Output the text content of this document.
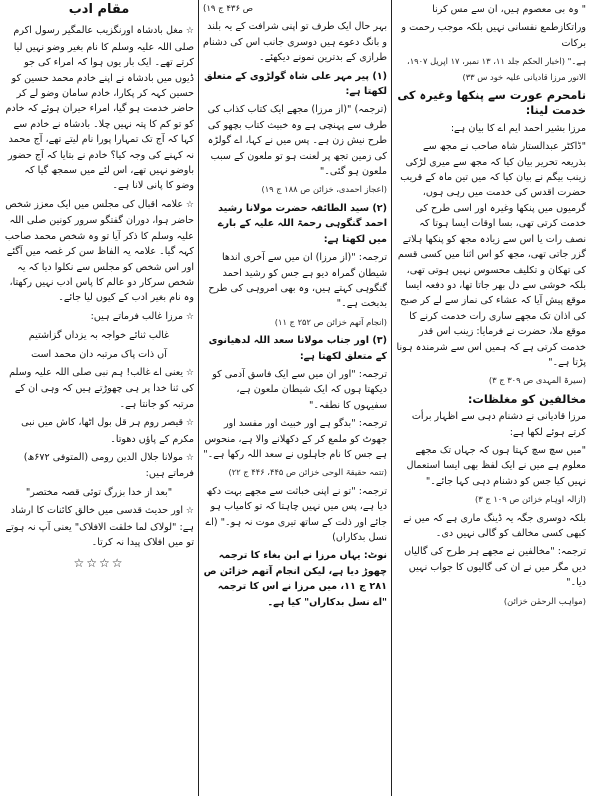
" وہ بی معصوم ہیں، ان سے مس کرنا
وراتکازطمع نفسانی نہیں بلکہ موجب رحمت و برکات
ہے۔" (اخبار الحکم جلد ۱۱، ۱۳ نمبر، ۱۷ اپریل ۱۹۰۷، الانور مرزا قادیانی علیہ خود س ۳۳)
نامحرم عورت سے پنکھا وغیرہ کی خدمت لینا:
مرزا بشیر احمد ایم اے کا بیان ہے:
"ڈاکٹر عبدالستار شاہ صاحب نے مجھ سے بذریعہ تحریر بیان کیا کہ مجھ سے میری لڑکی زینب بیگم نے بیان کیا کہ میں تین ماہ کے قریب حضرت اقدس کی خدمت میں رہی ہوں، گرمیوں میں پنکھا وغیرہ اور اسی طرح کی خدمت کرتی تھی، بسا اوقات ایسا ہوتا کہ نصف رات یا اس سے زیادہ مجھ کو پنکھا ہلاتے گزر جاتی تھی، مجھ کو اس اثنا میں کسی قسم کی تھکان و تکلیف محسوس نہیں ہوتی تھی، بلکہ خوشی سے دل بھر جاتا تھا، دو دفعہ ایسا موقع پیش آیا کہ عشاء کی نماز سے لے کر صبح کی اذان تک مجھے ساری رات خدمت کرنے کا موقع ملا، حضرت نے فرمایا: زینب اس قدر خدمت کرتی ہے کہ ہمیں اس سے شرمندہ ہونا پڑتا ہے۔"
(سیرۃ المہدی ص ۳۰۹ ج ۳)
مخالفین کو مغلظات:
مرزا قادیانی نے دشنام دہی سے اظہار برأت کرتے ہوئے لکھا ہے:
"میں سچ سچ کہتا ہوں کہ جہاں تک مجھے معلوم ہے میں نے ایک لفظ بھی ایسا استعمال نہیں کیا جس کو دشنام دہی کہا جائے۔"
(ازالہ اوہام خزائن ص ۱۰۹ ج ۳)
بلکہ دوسری جگہ یہ ڈینگ ماری ہے کہ میں نے کبھی کسی مخالف کو گالی نہیں دی۔
ترجمہ: "مخالفین نے مجھے ہر طرح کی گالیاں دیں مگر میں نے ان کی گالیوں کا جواب نہیں دیا۔"
(مواہب الرحمٰن خزائن)
ص ۴۳۶ ج ۱۹)
بہر حال ایک طرف تو اپنی شرافت کے یہ بلند و بانگ دعوے ہیں دوسری جانب اس کی دشنام طرازی کے بدترین نمونے دیکھئے۔
(۱) پیر مہر علی شاہ گولڑوی کے متعلق لکھتا ہے:
(ترجمہ) "(از مرزا) مجھے ایک کتاب کذاب کی طرف سے پہنچی ہے وہ خبیث کتاب بچھو کی طرح نیش زن ہے۔ پس میں نے کہا، اے گولڑہ کی زمین تجھ پر لعنت ہو تو ملعون کے سبب ملعون ہو گئی۔"
(اعجاز احمدی، خزائن ص ۱۸۸ ج ۱۹)
(۲) سید الطائفہ حضرت مولانا رشید احمد گنگوہی رحمۃ اللہ علیہ کے بارے میں لکھتا ہے:
ترجمہ: "(از مرزا) ان میں سے آخری اندھا شیطان گمراہ دیو ہے جس کو رشید احمد گنگوہی کہتے ہیں، وہ بھی امروہی کی طرح بدبخت ہے۔"
(انجام آتھم خزائن ص ۲۵۲ ج ۱۱)
(۳) اور جناب مولانا سعد اللہ لدھیانوی کے متعلق لکھتا ہے:
ترجمہ: "اور ان میں سے ایک فاسق آدمی کو دیکھتا ہوں کہ ایک شیطان ملعون ہے، سفیہوں کا نطفہ۔"
ترجمہ: "بدگو ہے اور خبیث اور مفسد اور جھوٹ کو ملمع کر کے دکھلانے والا ہے، منحوس ہے جس کا نام جاہلوں نے سعد اللہ رکھا ہے۔"
(تتمہ حقیقۃ الوحی خزائن ص ۴۴۵، ۴۴۶ ج ۲۲)
ترجمہ: "تو نے اپنی خباثت سے مجھے بہت دکھ دیا ہے، پس میں نہیں چاہتا کہ تو کامیاب ہو جائے اور ذلت کے ساتھ تیری موت نہ ہو۔" (اے نسل بدکاراں)
نوٹ: یہاں مرزا نے ابن بغاء کا ترجمہ چھوڑ دیا ہے، لیکن انجام آتھم خزائن ص ۲۸۱ ج ۱۱، میں مرزا نے اس کا ترجمہ "اے نسل بدکاراں" کیا ہے۔
مقام ادب
☆ مغل بادشاہ اورنگزیب عالمگیر رسول اکرم صلی اللہ علیہ وسلم کا نام بغیر وضو نہیں لیا کرتے تھے۔ ایک بار یوں ہوا کہ امراء کی جو ڈیوں میں بادشاہ نے اپنے خادم محمد حسین کو حسین کہہ کر پکارا، خادم سامان وضو لے کر حاضر خدمت ہو گیا، امراء حیران ہوئے کہ خادم کو تو کم کا پتہ نہیں چلا۔ بادشاہ نے خادم سے کہا کہ آج تک تمہارا پورا نام لیتے تھے، آج محمد نہ کہنے کی وجہ کیا؟ خادم نے بتایا کہ آج حضور باوضو نہیں تھے، اس لئے میں سمجھ گیا کہ وضو کا پانی لانا ہے۔
☆ علامہ اقبال کی مجلس میں ایک معزز شخص حاضر ہوا، دوران گفتگو سرور کونین صلی اللہ علیہ وسلم کا ذکر آیا تو وہ شخص محمد صاحب کہہ گیا۔ علامہ یہ الفاظ سن کر غصہ میں آگئے اور اس شخص کو مجلس سے نکلوا دیا کہ یہ شخص سرکار دو عالم کا پاس ادب نہیں رکھتا، وہ نام بغیر ادب کے کیوں لیا جائے۔
☆ مرزا غالب فرماتے ہیں:
غالب ثنائے خواجہ بہ یزداں گزاشتیم
آں ذات پاک مرتبہ دان محمد است
☆ یعنی اے غالب! ہم نبی صلی اللہ علیہ وسلم کی ثنا خدا پر ہی چھوڑتے ہیں کہ وہی ان کے مرتبہ کو جانتا ہے۔
☆ قیصر روم ہر قل بول اٹھا، کاش میں نبی مکرم کے پاؤں دھوتا۔
☆ مولانا جلال الدین رومی (المتوفی ۶۷۲ھ) فرماتے ہیں:
"بعد از خدا بزرگ توئی قصہ مختصر"
☆ اور حدیث قدسی میں خالق کائنات کا ارشاد ہے: "لولاک لما خلقت الافلاک" یعنی آپ نہ ہوتے تو میں افلاک پیدا نہ کرتا۔
☆☆☆☆
